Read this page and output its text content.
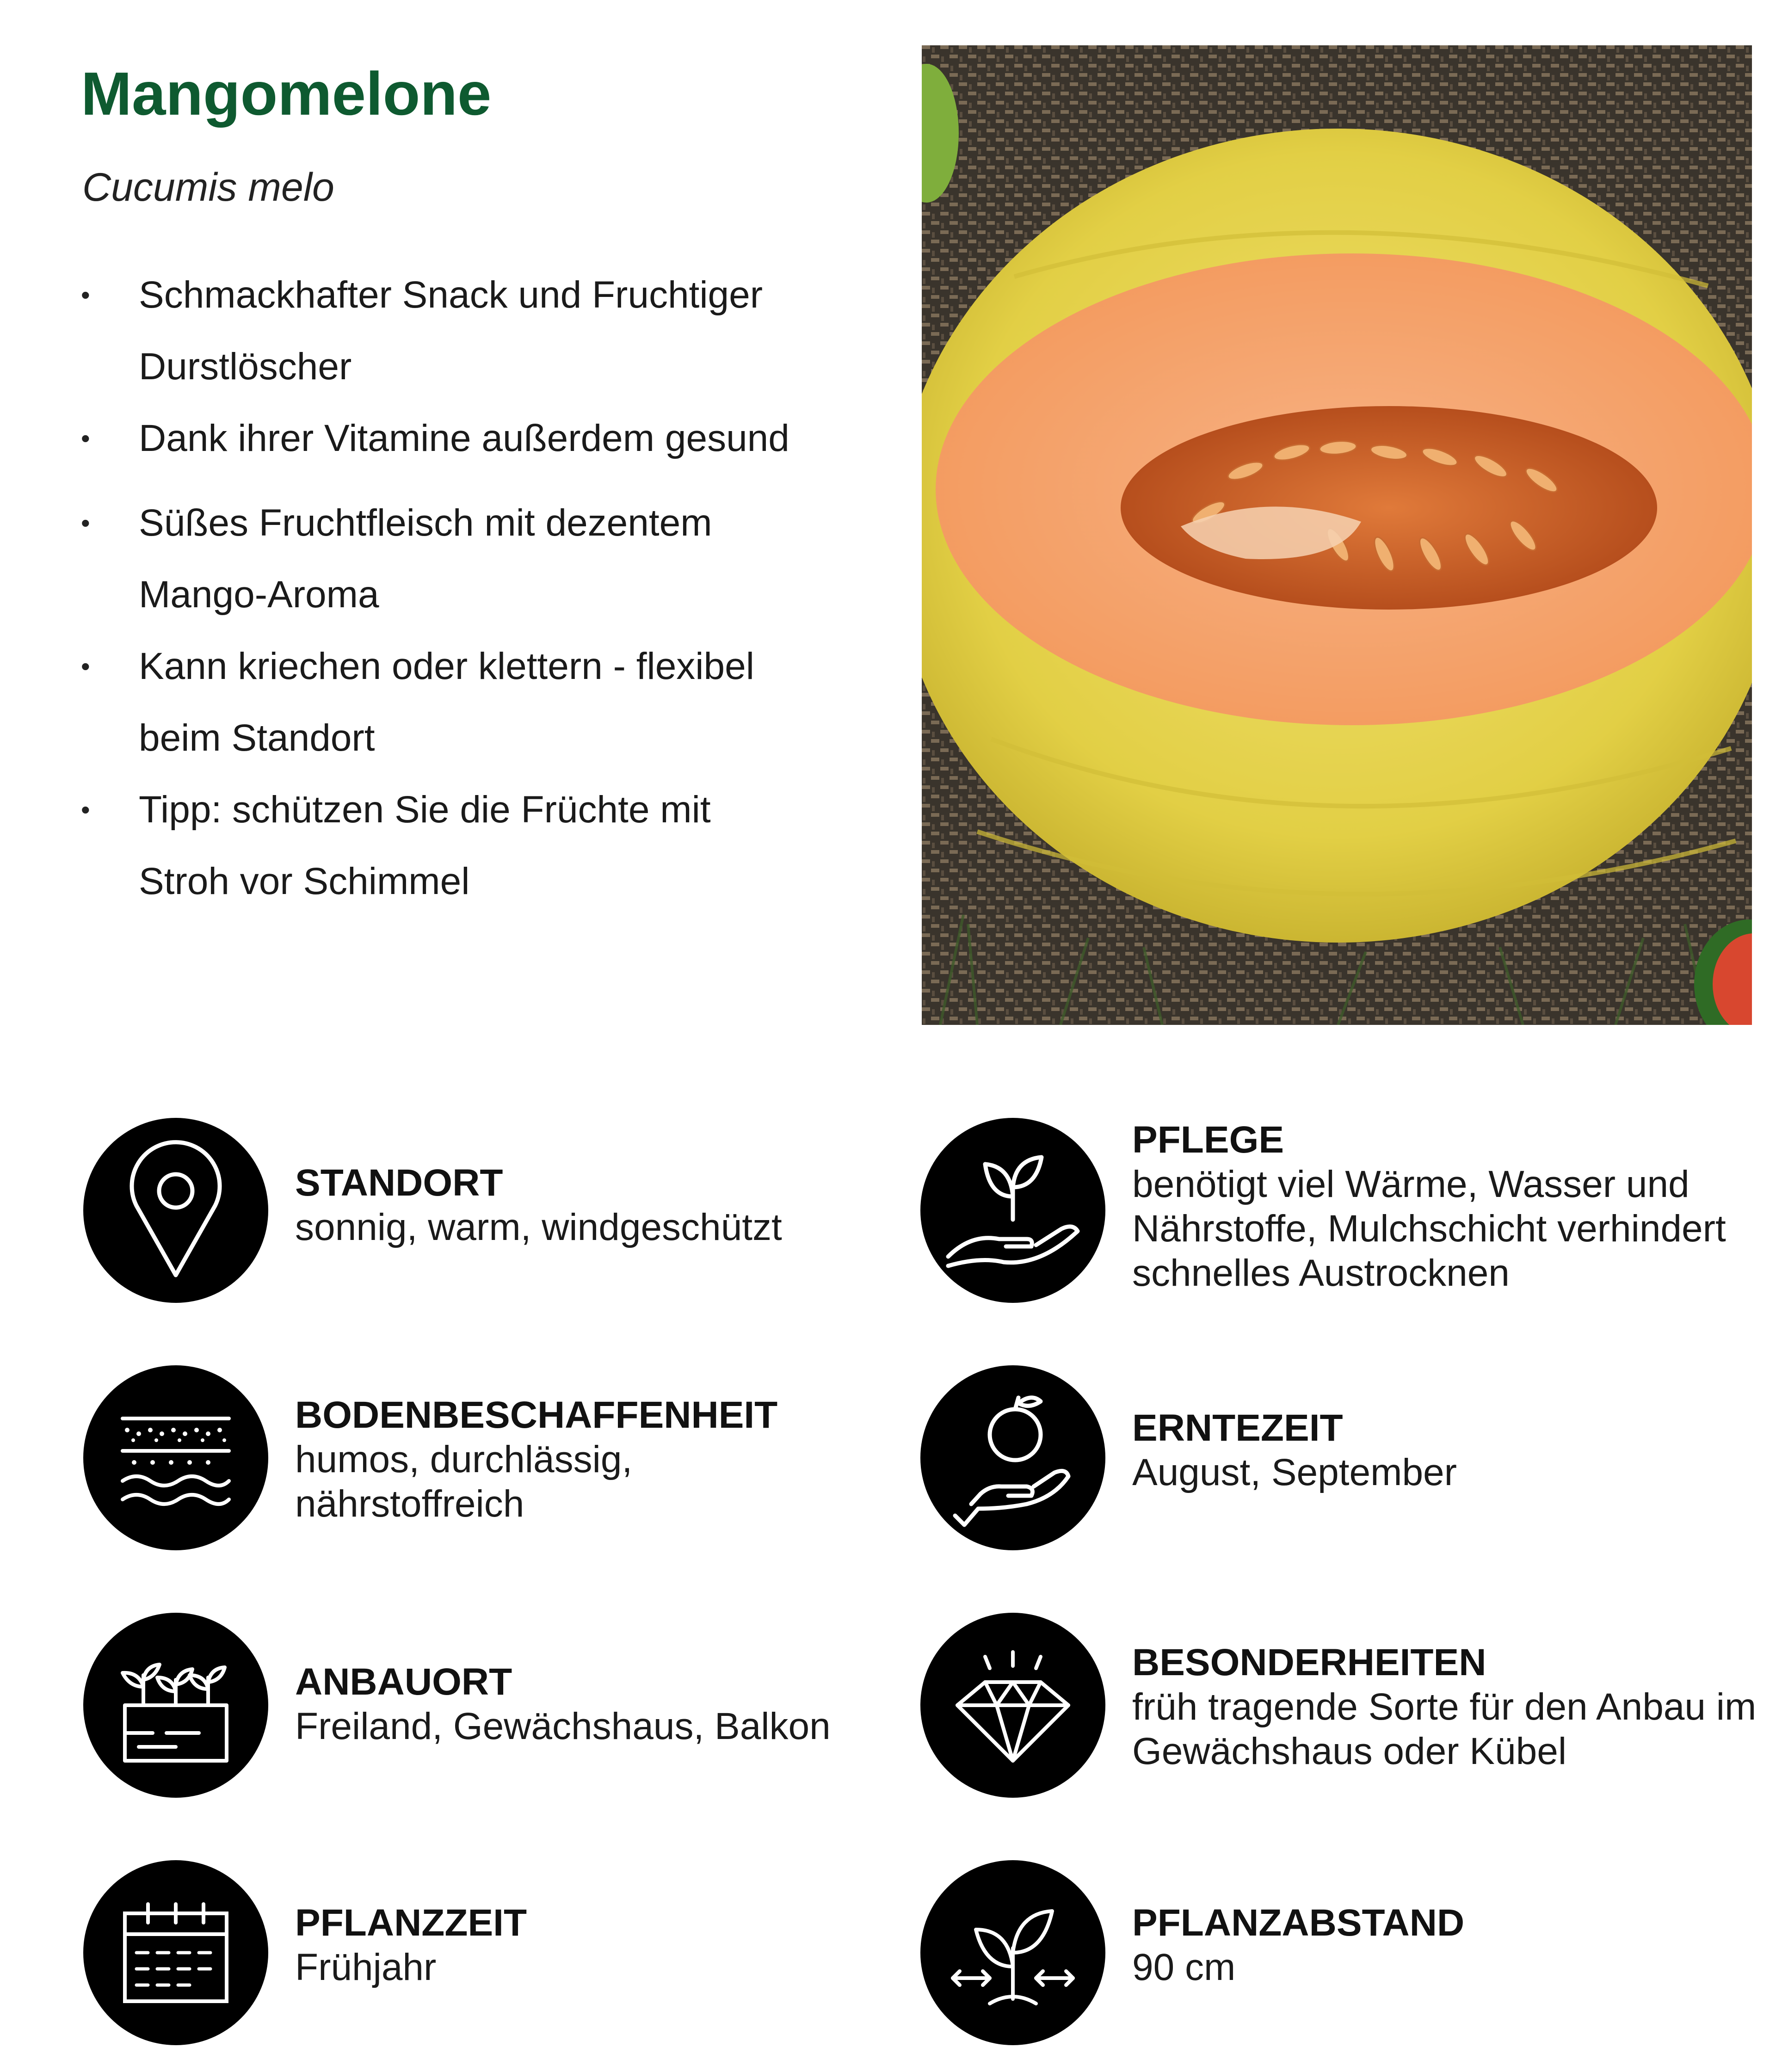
Mangomelone

Cucumis melo

• Schmackhafter Snack und Fruchtiger Durstlöscher
• Dank ihrer Vitamine außerdem gesund
• Süßes Fruchtfleisch mit dezentem Mango-Aroma
• Kann kriechen oder klettern - flexibel beim Standort
• Tipp: schützen Sie die Früchte mit Stroh vor Schimmel
STANDORT
sonnig, warm, windgeschützt
PFLEGE
benötigt viel Wärme, Wasser und Nährstoffe, Mulchschicht verhindert schnelles Austrocknen
BODENBESCHAFFENHEIT
humos, durchlässig, nährstoffreich
ERNTEZEIT
August, September
ANBAUORT
Freiland, Gewächshaus, Balkon
BESONDERHEITEN
früh tragende Sorte für den Anbau im Gewächshaus oder Kübel
PFLANZZEIT
Frühjahr
PFLANZABSTAND
90 cm
